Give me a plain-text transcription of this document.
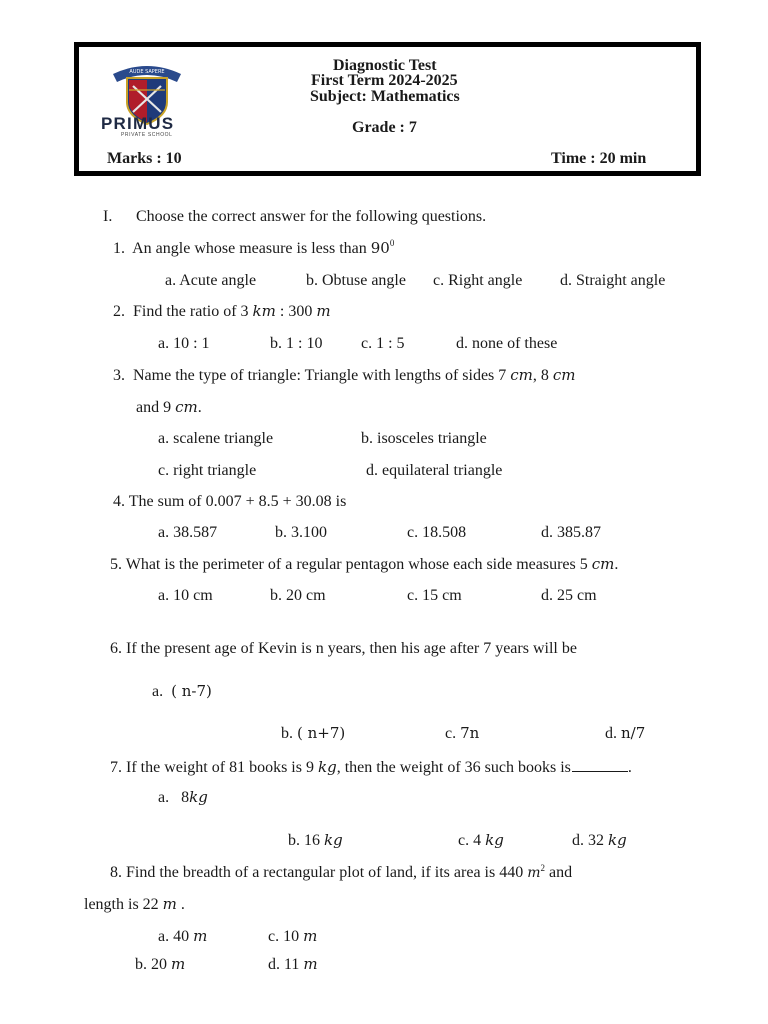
AUDE SAPERE
PRIMUS
PRIVATE SCHOOL
Diagnostic Test
First Term 2024-2025
Subject: Mathematics
Grade : 7
Marks : 10	Time : 20 min
I. Choose the correct answer for the following questions.
1. An angle whose measure is less than $90^0$
a. Acute angle	b. Obtuse angle c. Right angle d. Straight angle
2. Find the ratio of 3 km : 300 m
a. 10 : 1	b. 1 : 10 c. 1 : 5	d. none of these
3. Name the type of triangle: Triangle with lengths of sides 7 cm, 8 cm
and 9 cm.
a. scalene triangle	b. isosceles triangle
c. right triangle	d. equilateral triangle
4. The sum of 0.007 + 8.5 + 30.08 is
a. 38.587	b. 3.100	c. 18.508	d. 385.87
5. What is the perimeter of a regular pentagon whose each side measures 5 cm.
a. 10 cm	b. 20 cm	c. 15 cm	d. 25 cm
6. If the present age of Kevin is n years, then his age after 7 years will be
a. ( n-7)
b. ( n+7)	c. 7n	d. n/7
7. If the weight of 81 books is 9 kg, then the weight of 36 such books is	.
a. 8kg
b. 16 kg	c. 4 kg	d. 32 kg
8. Find the breadth of a rectangular plot of land, if its area is 440 $m^2$ and
length is 22 m .
a. 40 m	c. 10 m
b. 20 m	d. 11 m
